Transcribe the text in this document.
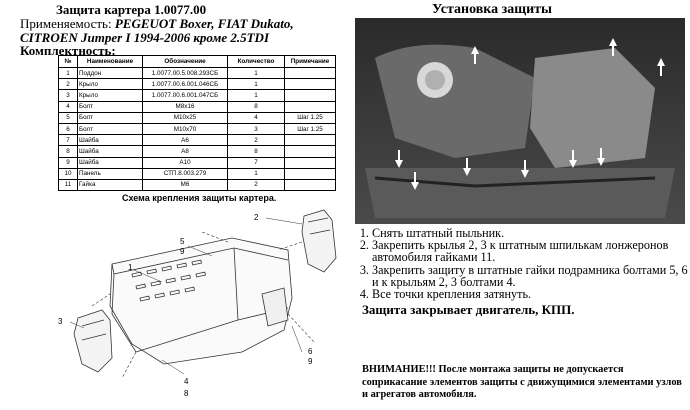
Защита картера 1.0077.00
Применяемость: PEGEUOT Boxer, FIAT Dukato,
CITROEN Jumper I 1994-2006 кроме 2.5TDI
Комплектность:
№	Наименование	Обозначение	Количество	Примечание
1	Поддон	1.0077.00.5.008.293СБ	1	
2	Крыло	1.0077.00.6.001.046СБ	1	
3	Крыло	1.0077.00.6.001.047СБ	1	
4	Болт	M8x16	8	
5	Болт	M10x25	4	Шаг 1.25
6	Болт	M10x70	3	Шаг 1.25
7	Шайба	A6	2	
8	Шайба	A8	8	
9	Шайба	A10	7	
10	Панель	СТП.8.003.279	1	
11	Гайка	M6	2	
Схема крепления защиты картера.
1
2
3
4
8
5
9
6
9
Установка защиты
1. Снять штатный пыльник.
2. Закрепить крылья 2, 3 к штатным шпилькам лонжеронов автомобиля гайками 11.
3. Закрепить защиту в штатные гайки подрамника болтами 5, 6 и к крыльям 2, 3 болтами 4.
4. Все точки крепления затянуть.
Защита закрывает двигатель, КПП.
ВНИМАНИЕ!!! После монтажа защиты не допускается соприкасание элементов защиты с движущимися элементами узлов и агрегатов автомобиля.
